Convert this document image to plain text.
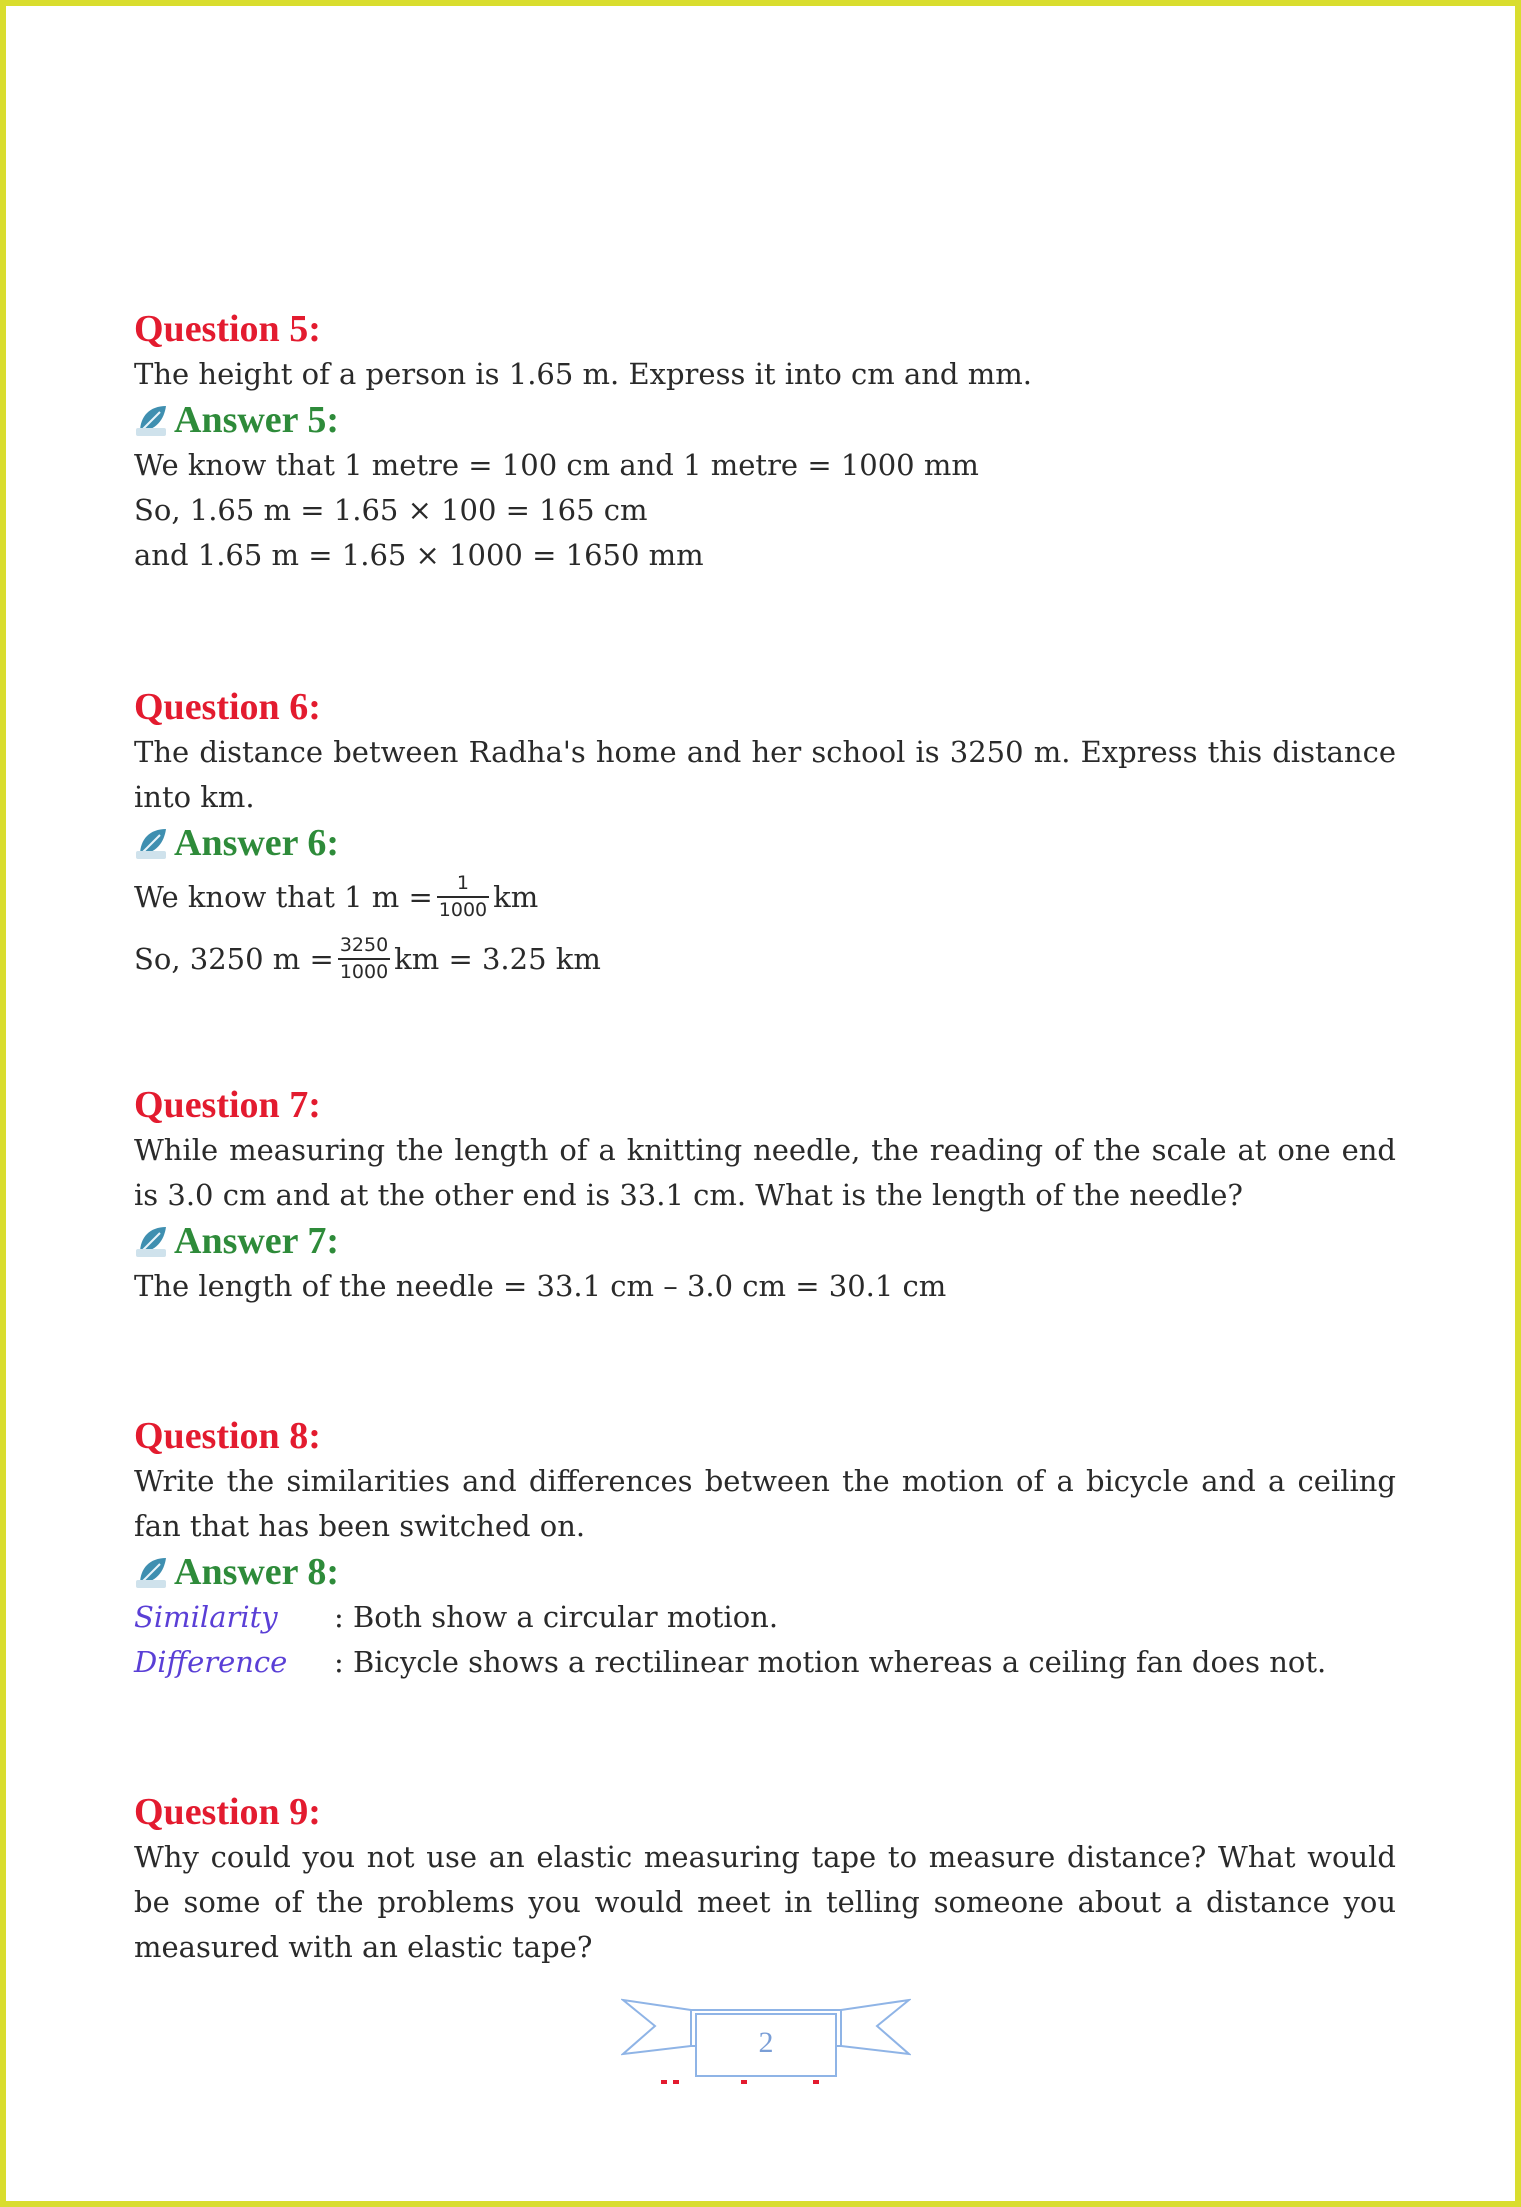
Question 5:

The height of a person is 1.65 m. Express it into cm and mm.

Answer 5:
We know that 1 metre = 100 cm and 1 metre = 1000 mm
So, 1.65 m = 1.65 × 100 = 165 cm
and 1.65 m = 1.65 × 1000 = 1650 mm

Question 6:

The distance between Radha's home and her school is 3250 m. Express this distance into km.

Answer 6:
We know that 1 $m = \frac{1}{1000}$ km
So, 3250 $m = \frac{3250}{1000}$ km = 3.25 km

Question 7:

While measuring the length of a knitting needle, the reading of the scale at one end is 3.0 cm and at the other end is 33.1 cm. What is the length of the needle?

Answer 7:
The length of the needle = 33.1 cm – 3.0 cm = 30.1 cm

Question 8:

Write the similarities and differences between the motion of a bicycle and a ceiling fan that has been switched on.

Answer 8:
Similarity	: Both show a circular motion.
Difference	: Bicycle shows a rectilinear motion whereas a ceiling fan does not.

Question 9:

Why could you not use an elastic measuring tape to measure distance? What would be some of the problems you would meet in telling someone about a distance you measured with an elastic tape?

2
